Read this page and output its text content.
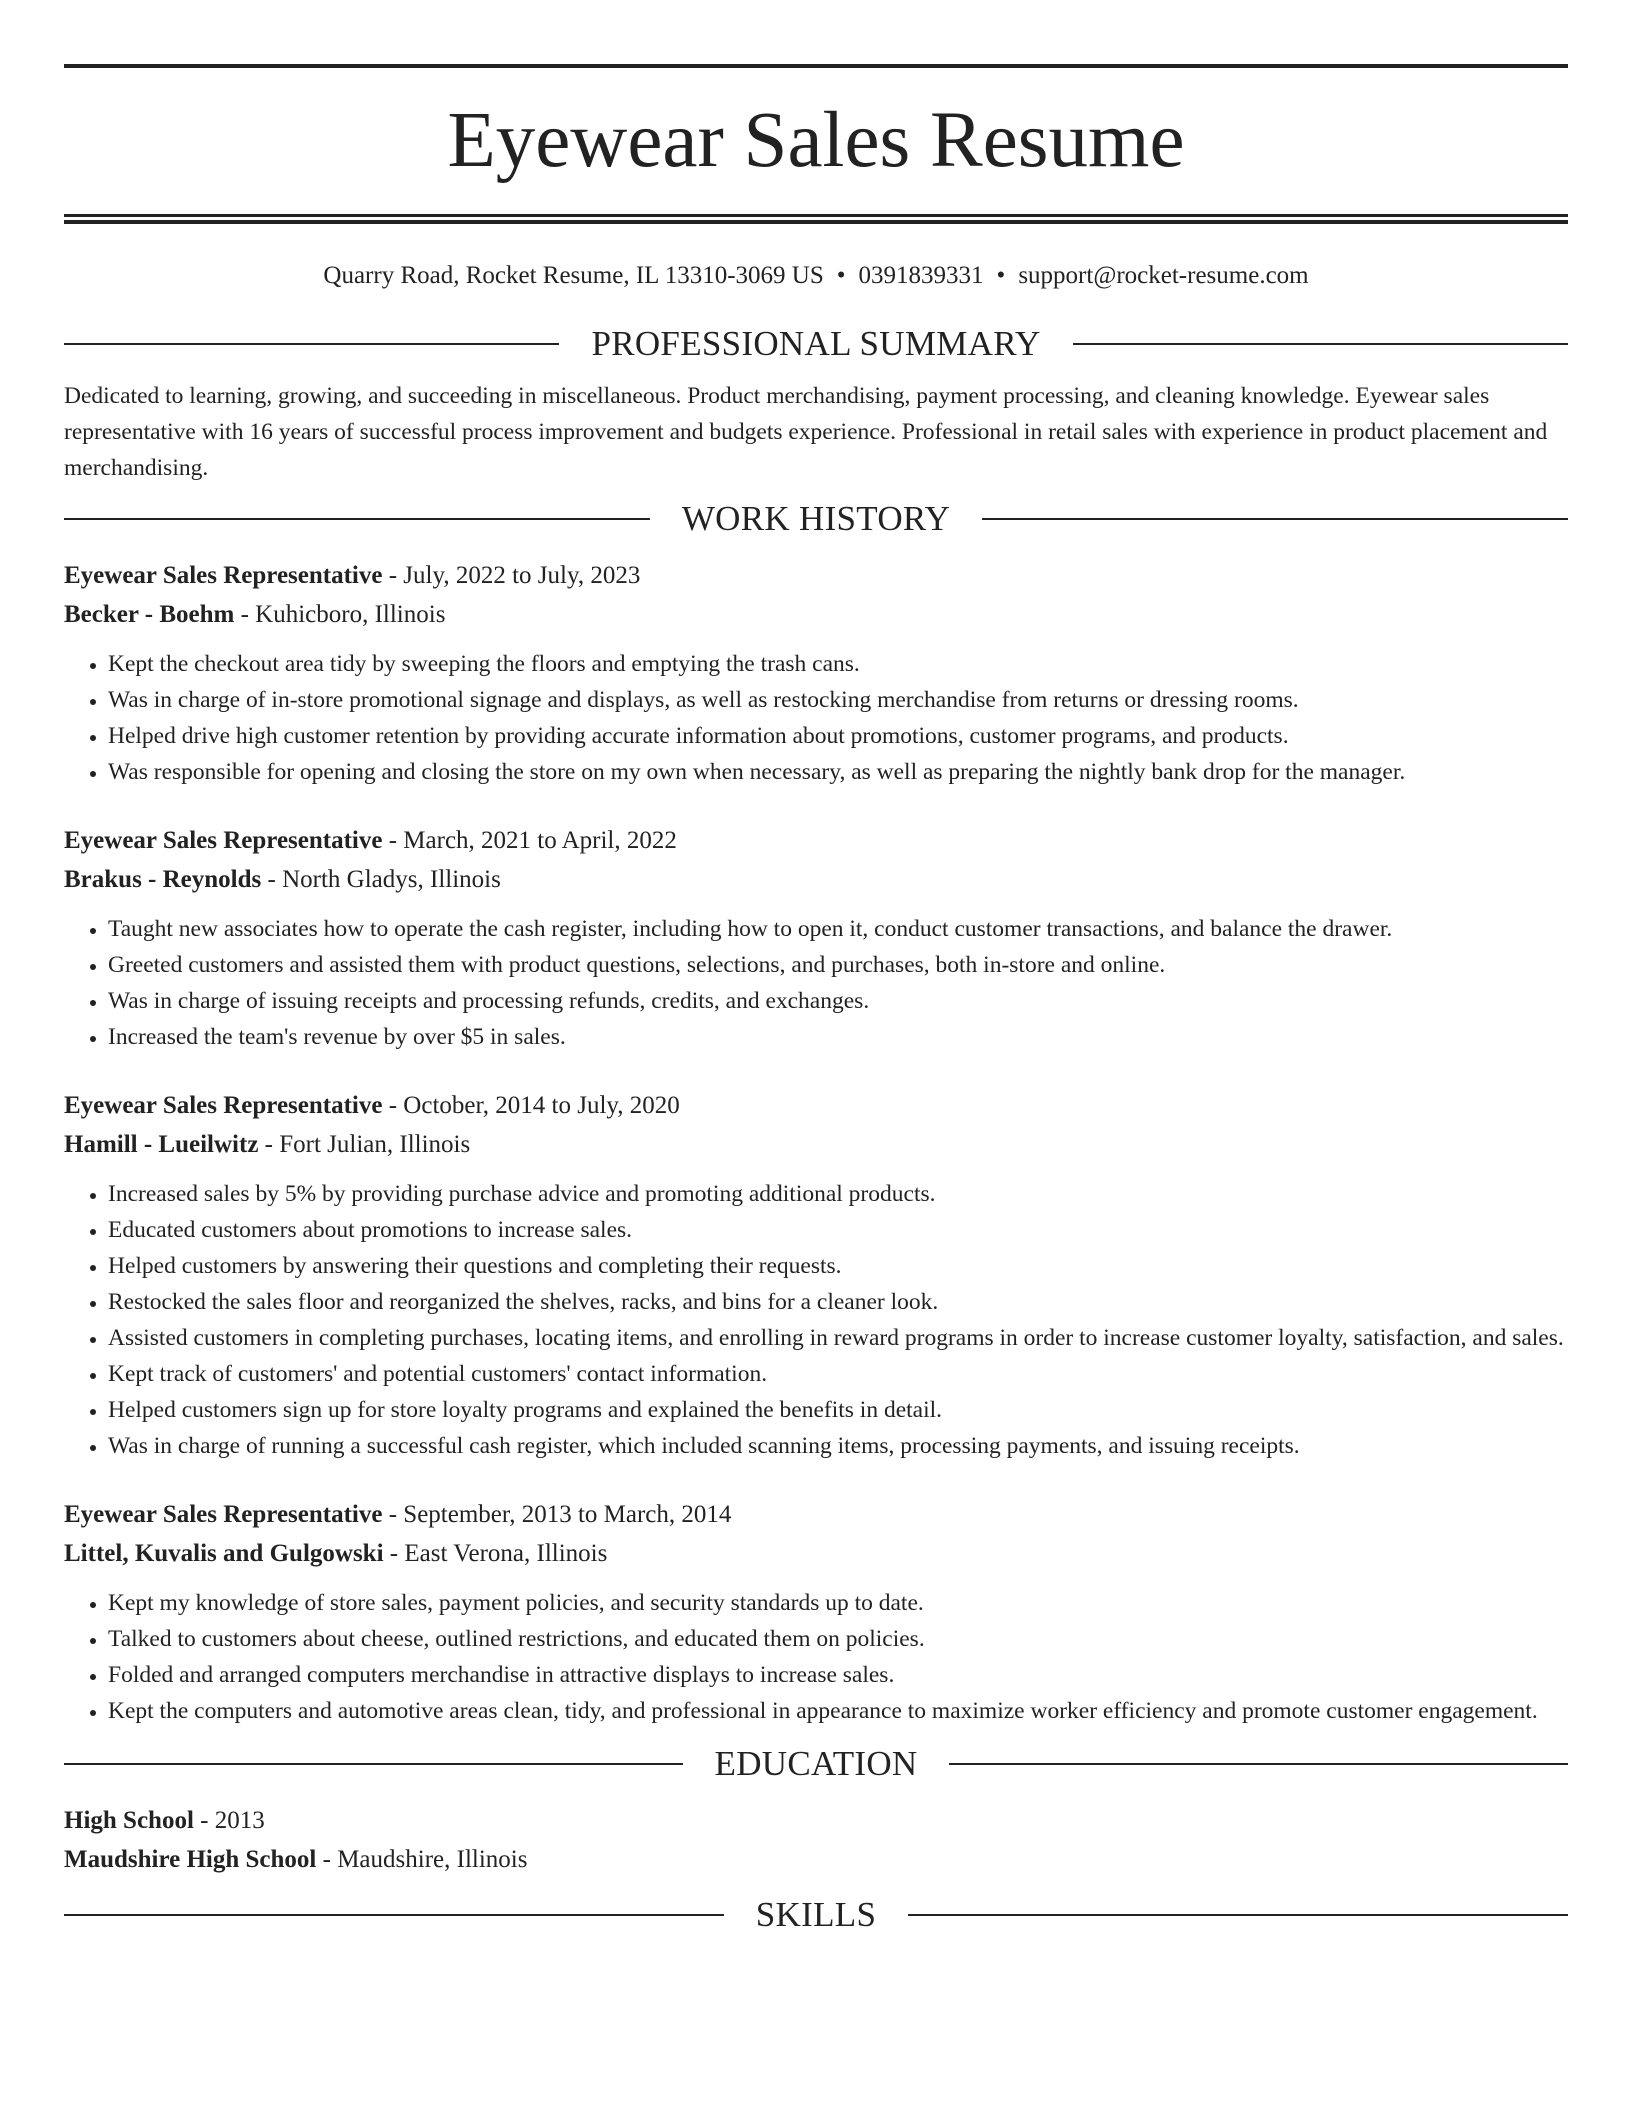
Eyewear Sales Resume
Quarry Road, Rocket Resume, IL 13310-3069 US • 0391839331 • support@rocket-resume.com
PROFESSIONAL SUMMARY

Dedicated to learning, growing, and succeeding in miscellaneous. Product merchandising, payment processing, and cleaning knowledge. Eyewear sales representative with 16 years of successful process improvement and budgets experience. Professional in retail sales with experience in product placement and merchandising.

WORK HISTORY
Eyewear Sales Representative - July, 2022 to July, 2023
Becker - Boehm - Kuhicboro, Illinois
• Kept the checkout area tidy by sweeping the floors and emptying the trash cans.
• Was in charge of in-store promotional signage and displays, as well as restocking merchandise from returns or dressing rooms.
• Helped drive high customer retention by providing accurate information about promotions, customer programs, and products.
• Was responsible for opening and closing the store on my own when necessary, as well as preparing the nightly bank drop for the manager.
Eyewear Sales Representative - March, 2021 to April, 2022
Brakus - Reynolds - North Gladys, Illinois
• Taught new associates how to operate the cash register, including how to open it, conduct customer transactions, and balance the drawer.
• Greeted customers and assisted them with product questions, selections, and purchases, both in-store and online.
• Was in charge of issuing receipts and processing refunds, credits, and exchanges.
• Increased the team's revenue by over $5 in sales.
Eyewear Sales Representative - October, 2014 to July, 2020
Hamill - Lueilwitz - Fort Julian, Illinois
• Increased sales by 5% by providing purchase advice and promoting additional products.
• Educated customers about promotions to increase sales.
• Helped customers by answering their questions and completing their requests.
• Restocked the sales floor and reorganized the shelves, racks, and bins for a cleaner look.
• Assisted customers in completing purchases, locating items, and enrolling in reward programs in order to increase customer loyalty, satisfaction, and sales.
• Kept track of customers' and potential customers' contact information.
• Helped customers sign up for store loyalty programs and explained the benefits in detail.
• Was in charge of running a successful cash register, which included scanning items, processing payments, and issuing receipts.
Eyewear Sales Representative - September, 2013 to March, 2014
Littel, Kuvalis and Gulgowski - East Verona, Illinois
• Kept my knowledge of store sales, payment policies, and security standards up to date.
• Talked to customers about cheese, outlined restrictions, and educated them on policies.
• Folded and arranged computers merchandise in attractive displays to increase sales.
• Kept the computers and automotive areas clean, tidy, and professional in appearance to maximize worker efficiency and promote customer engagement.
EDUCATION
High School - 2013
Maudshire High School - Maudshire, Illinois
SKILLS
